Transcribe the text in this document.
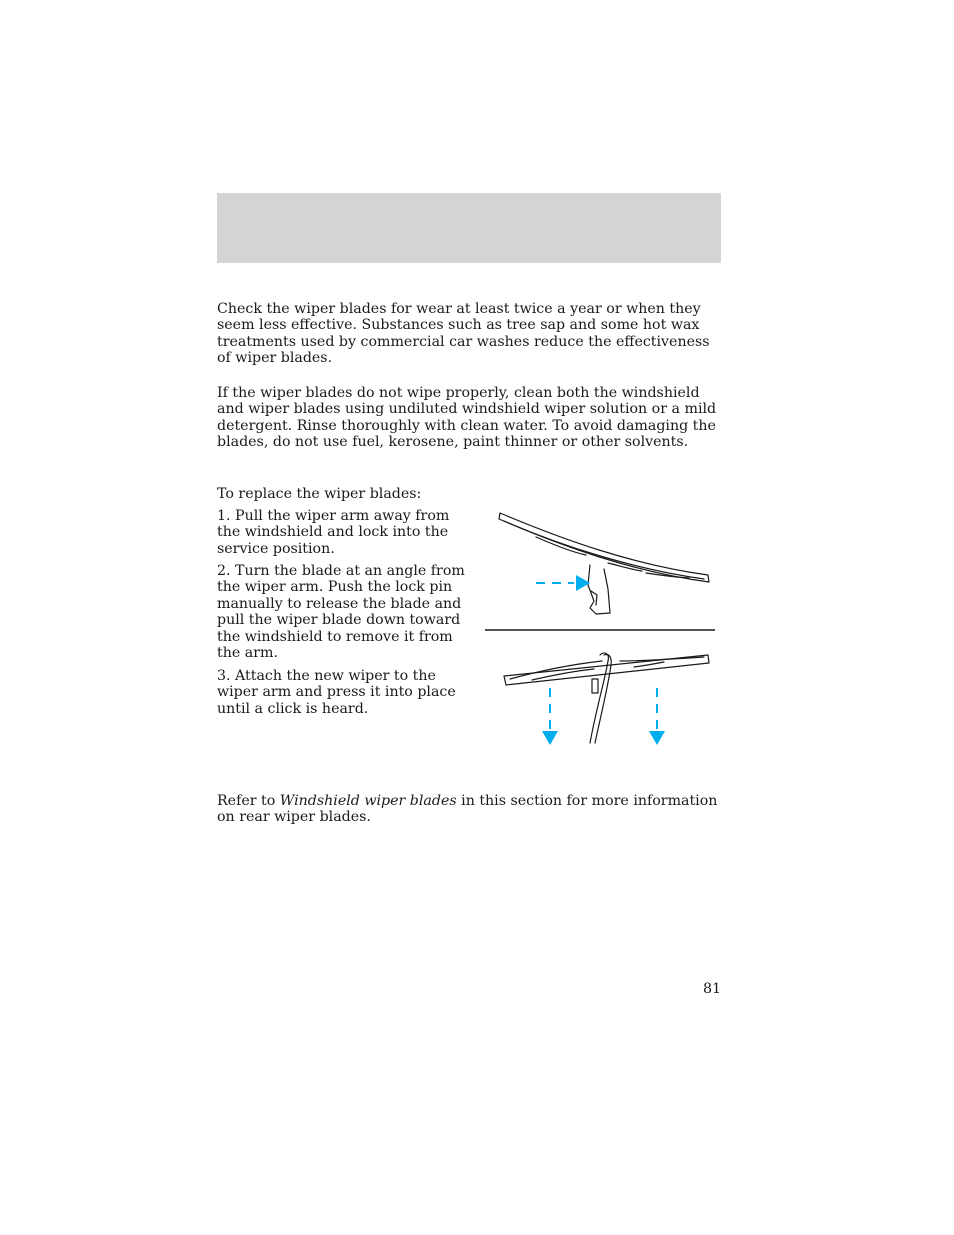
Check the wiper blades for wear at least twice a year or when they seem less effective. Substances such as tree sap and some hot wax treatments used by commercial car washes reduce the effectiveness of wiper blades.

If the wiper blades do not wipe properly, clean both the windshield and wiper blades using undiluted windshield wiper solution or a mild detergent. Rinse thoroughly with clean water. To avoid damaging the blades, do not use fuel, kerosene, paint thinner or other solvents.

To replace the wiper blades:

1. Pull the wiper arm away from the windshield and lock into the service position.

2. Turn the blade at an angle from the wiper arm. Push the lock pin manually to release the blade and pull the wiper blade down toward the windshield to remove it from the arm.

3. Attach the new wiper to the wiper arm and press it into place until a click is heard.

Refer to Windshield wiper blades in this section for more information on rear wiper blades.

81
